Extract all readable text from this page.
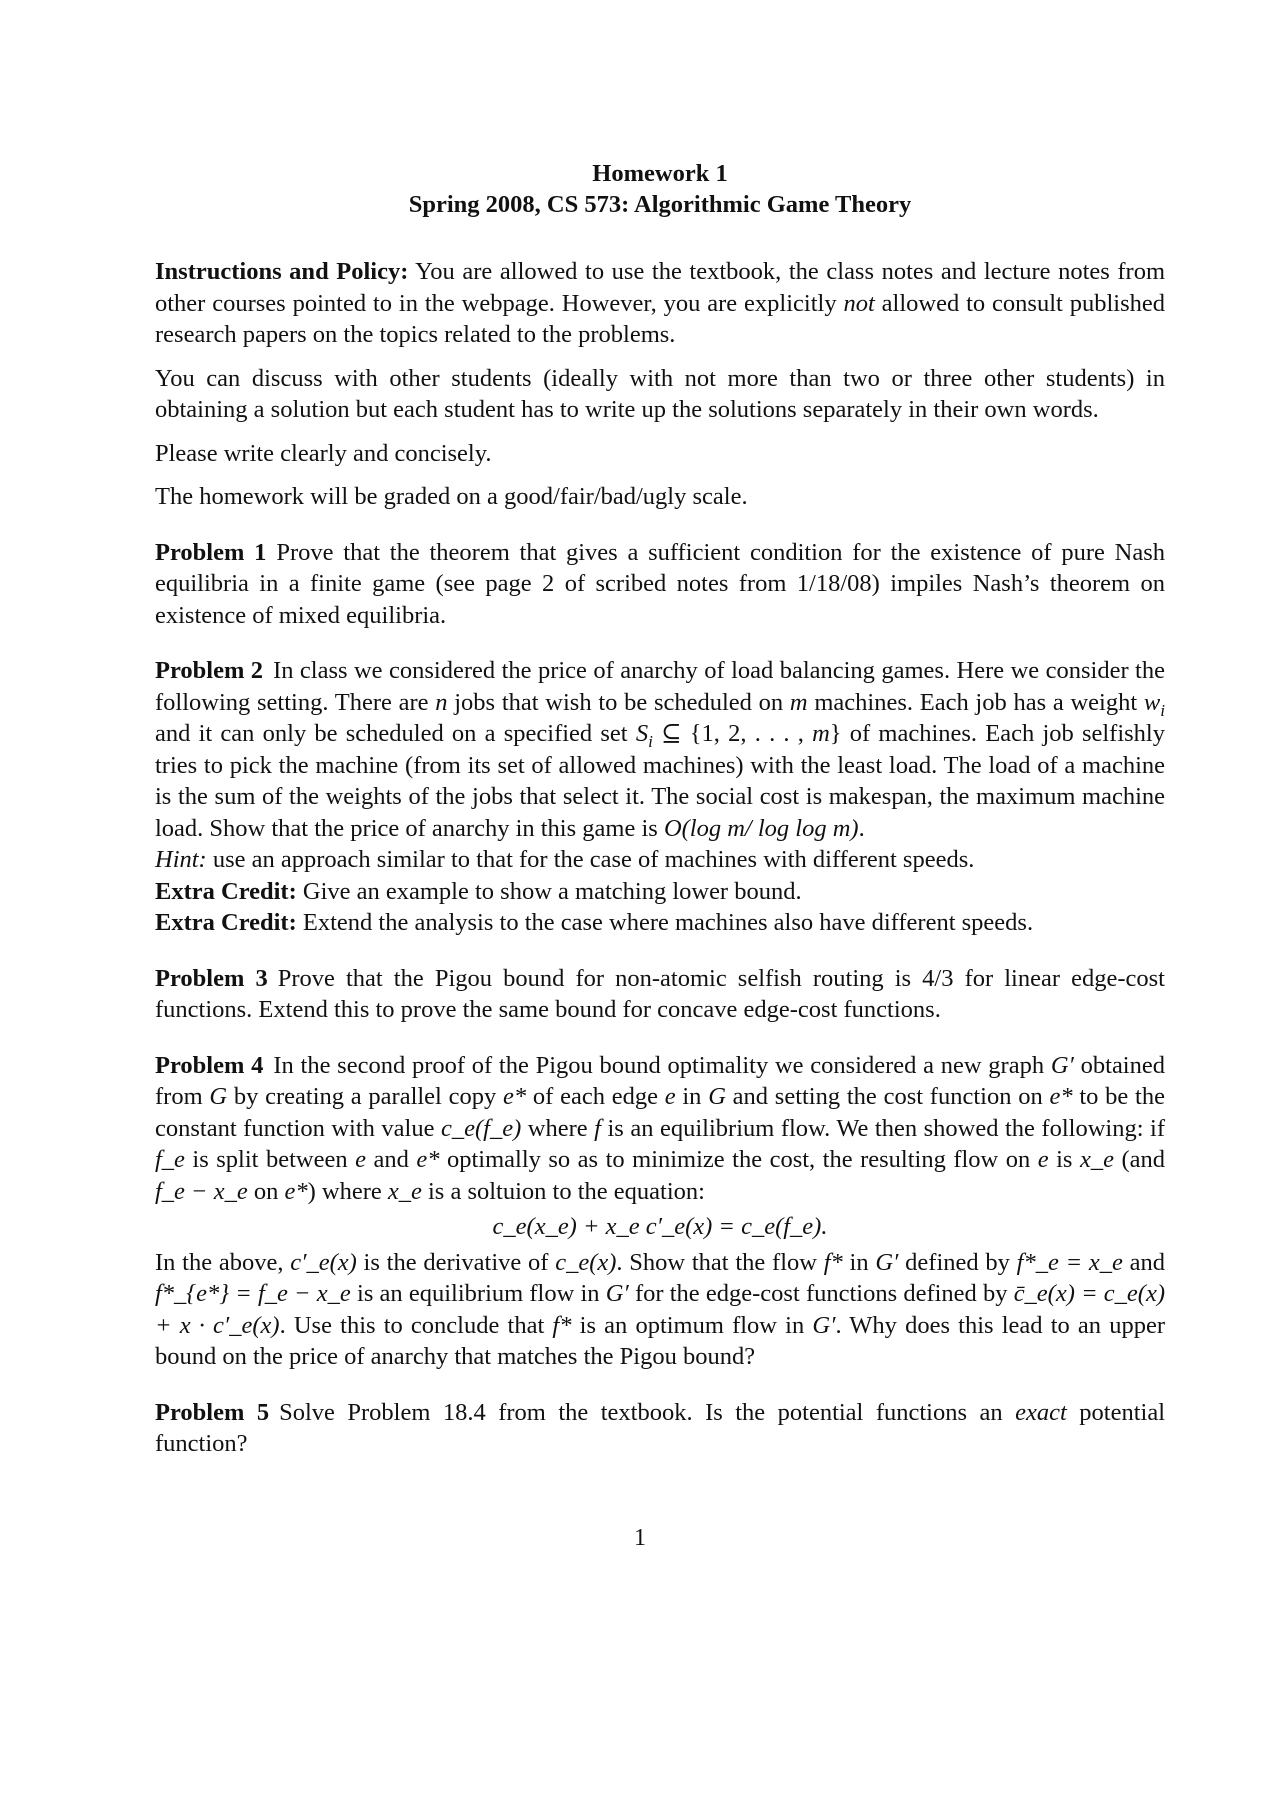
Homework 1
Spring 2008, CS 573: Algorithmic Game Theory

Instructions and Policy: You are allowed to use the textbook, the class notes and lecture notes from other courses pointed to in the webpage. However, you are explicitly not allowed to consult published research papers on the topics related to the problems.

You can discuss with other students (ideally with not more than two or three other students) in obtaining a solution but each student has to write up the solutions separately in their own words.

Please write clearly and concisely.

The homework will be graded on a good/fair/bad/ugly scale.

Problem 1 Prove that the theorem that gives a sufficient condition for the existence of pure Nash equilibria in a finite game (see page 2 of scribed notes from 1/18/08) impiles Nash’s theorem on existence of mixed equilibria.
Problem 2 In class we considered the price of anarchy of load balancing games. Here we consider the following setting. There are n jobs that wish to be scheduled on m machines. Each job has a weight $w_i$ and it can only be scheduled on a specified set $S_i$ ⊆ {1, 2, . . . , m} of machines. Each job selfishly tries to pick the machine (from its set of allowed machines) with the least load. The load of a machine is the sum of the weights of the jobs that select it. The social cost is makespan, the maximum machine load. Show that the price of anarchy in this game is O(log m/ log log m).
Hint: use an approach similar to that for the case of machines with different speeds.
Extra Credit: Give an example to show a matching lower bound.
Extra Credit: Extend the analysis to the case where machines also have different speeds.
Problem 3 Prove that the Pigou bound for non-atomic selfish routing is 4/3 for linear edge-cost functions. Extend this to prove the same bound for concave edge-cost functions.
Problem 4 In the second proof of the Pigou bound optimality we considered a new graph G′ obtained from G by creating a parallel copy e* of each edge e in G and setting the cost function on e* to be the constant function with value c_e(f_e) where f is an equilibrium flow. We then showed the following: if f_e is split between e and e* optimally so as to minimize the cost, the resulting flow on e is x_e (and f_e − x_e on e*) where x_e is a soltuion to the equation:
c_e(x_e) + x_e c′_e(x) = c_e(f_e).
In the above, c′_e(x) is the derivative of c_e(x). Show that the flow f* in G′ defined by f*_e = x_e and f*_{e*} = f_e − x_e is an equilibrium flow in G′ for the edge-cost functions defined by c̄_e(x) = c_e(x) + x · c′_e(x). Use this to conclude that f* is an optimum flow in G′. Why does this lead to an upper bound on the price of anarchy that matches the Pigou bound?
Problem 5 Solve Problem 18.4 from the textbook. Is the potential functions an exact potential function?
1
